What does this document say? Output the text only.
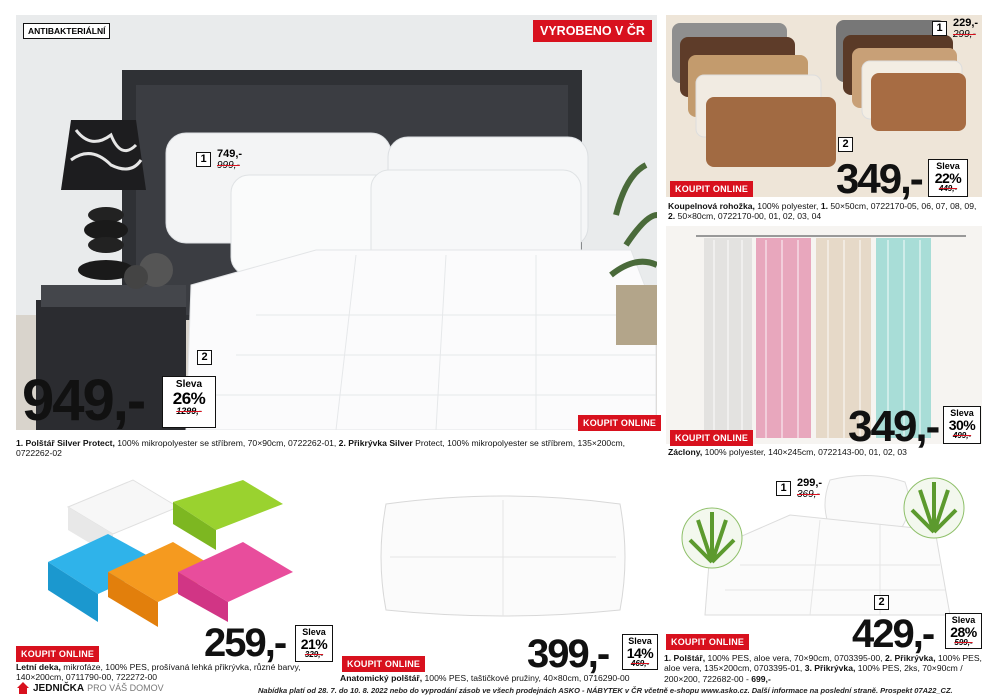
ANTIBAKTERIÁLNÍ	VYROBENO V ČR
1 749,-
999,-
2
949,-	Sleva
26%
1299,-
KOUPIT ONLINE
1. Polštář Silver Protect, 100% mikropolyester se stříbrem, 70×90cm, 0722262-01, 2. Přikrývka Silver Protect, 100% mikropolyester se stříbrem, 135×200cm, 0722262-02
1 229,-
299,-
2
KOUPIT ONLINE 349,-	Sleva
22%
449,-
Koupelnová rohožka, 100% polyester, 1. 50×50cm, 0722170-05, 06, 07, 08, 09, 2. 50×80cm, 0722170-00, 01, 02, 03, 04
KOUPIT ONLINE 349,-	Sleva
30%
499,-
Záclony, 100% polyester, 140×245cm, 0722143-00, 01, 02, 03
KOUPIT ONLINE	259,-	Sleva
21%
329,-
Letní deka, mikrofáze, 100% PES, prošívaná lehká přikrývka, různé barvy, 140×200cm, 0711790-00, 722272-00
KOUPIT ONLINE	399,-	Sleva
14%
469,-
Anatomický polštář, 100% PES, taštičkové pružiny, 40×80cm, 0716290-00
1 299,-
369,-
2
KOUPIT ONLINE	429,-	Sleva
28%
599,-
1. Polštář, 100% PES, aloe vera, 70×90cm, 0703395-00, 2. Přikrývka, 100% PES, aloe vera, 135×200cm, 0703395-01, 3. Přikrývka, 100% PES, 2ks, 70×90cm / 200×200, 722682-00 - 699,-
JEDNIČKA PRO VÁŠ DOMOV	Nabídka platí od 28. 7. do 10. 8. 2022 nebo do vyprodání zásob ve všech prodejnách ASKO - NÁBYTEK v ČR včetně e-shopu www.asko.cz. Další informace na poslední straně. Prospekt 07A22_CZ.
